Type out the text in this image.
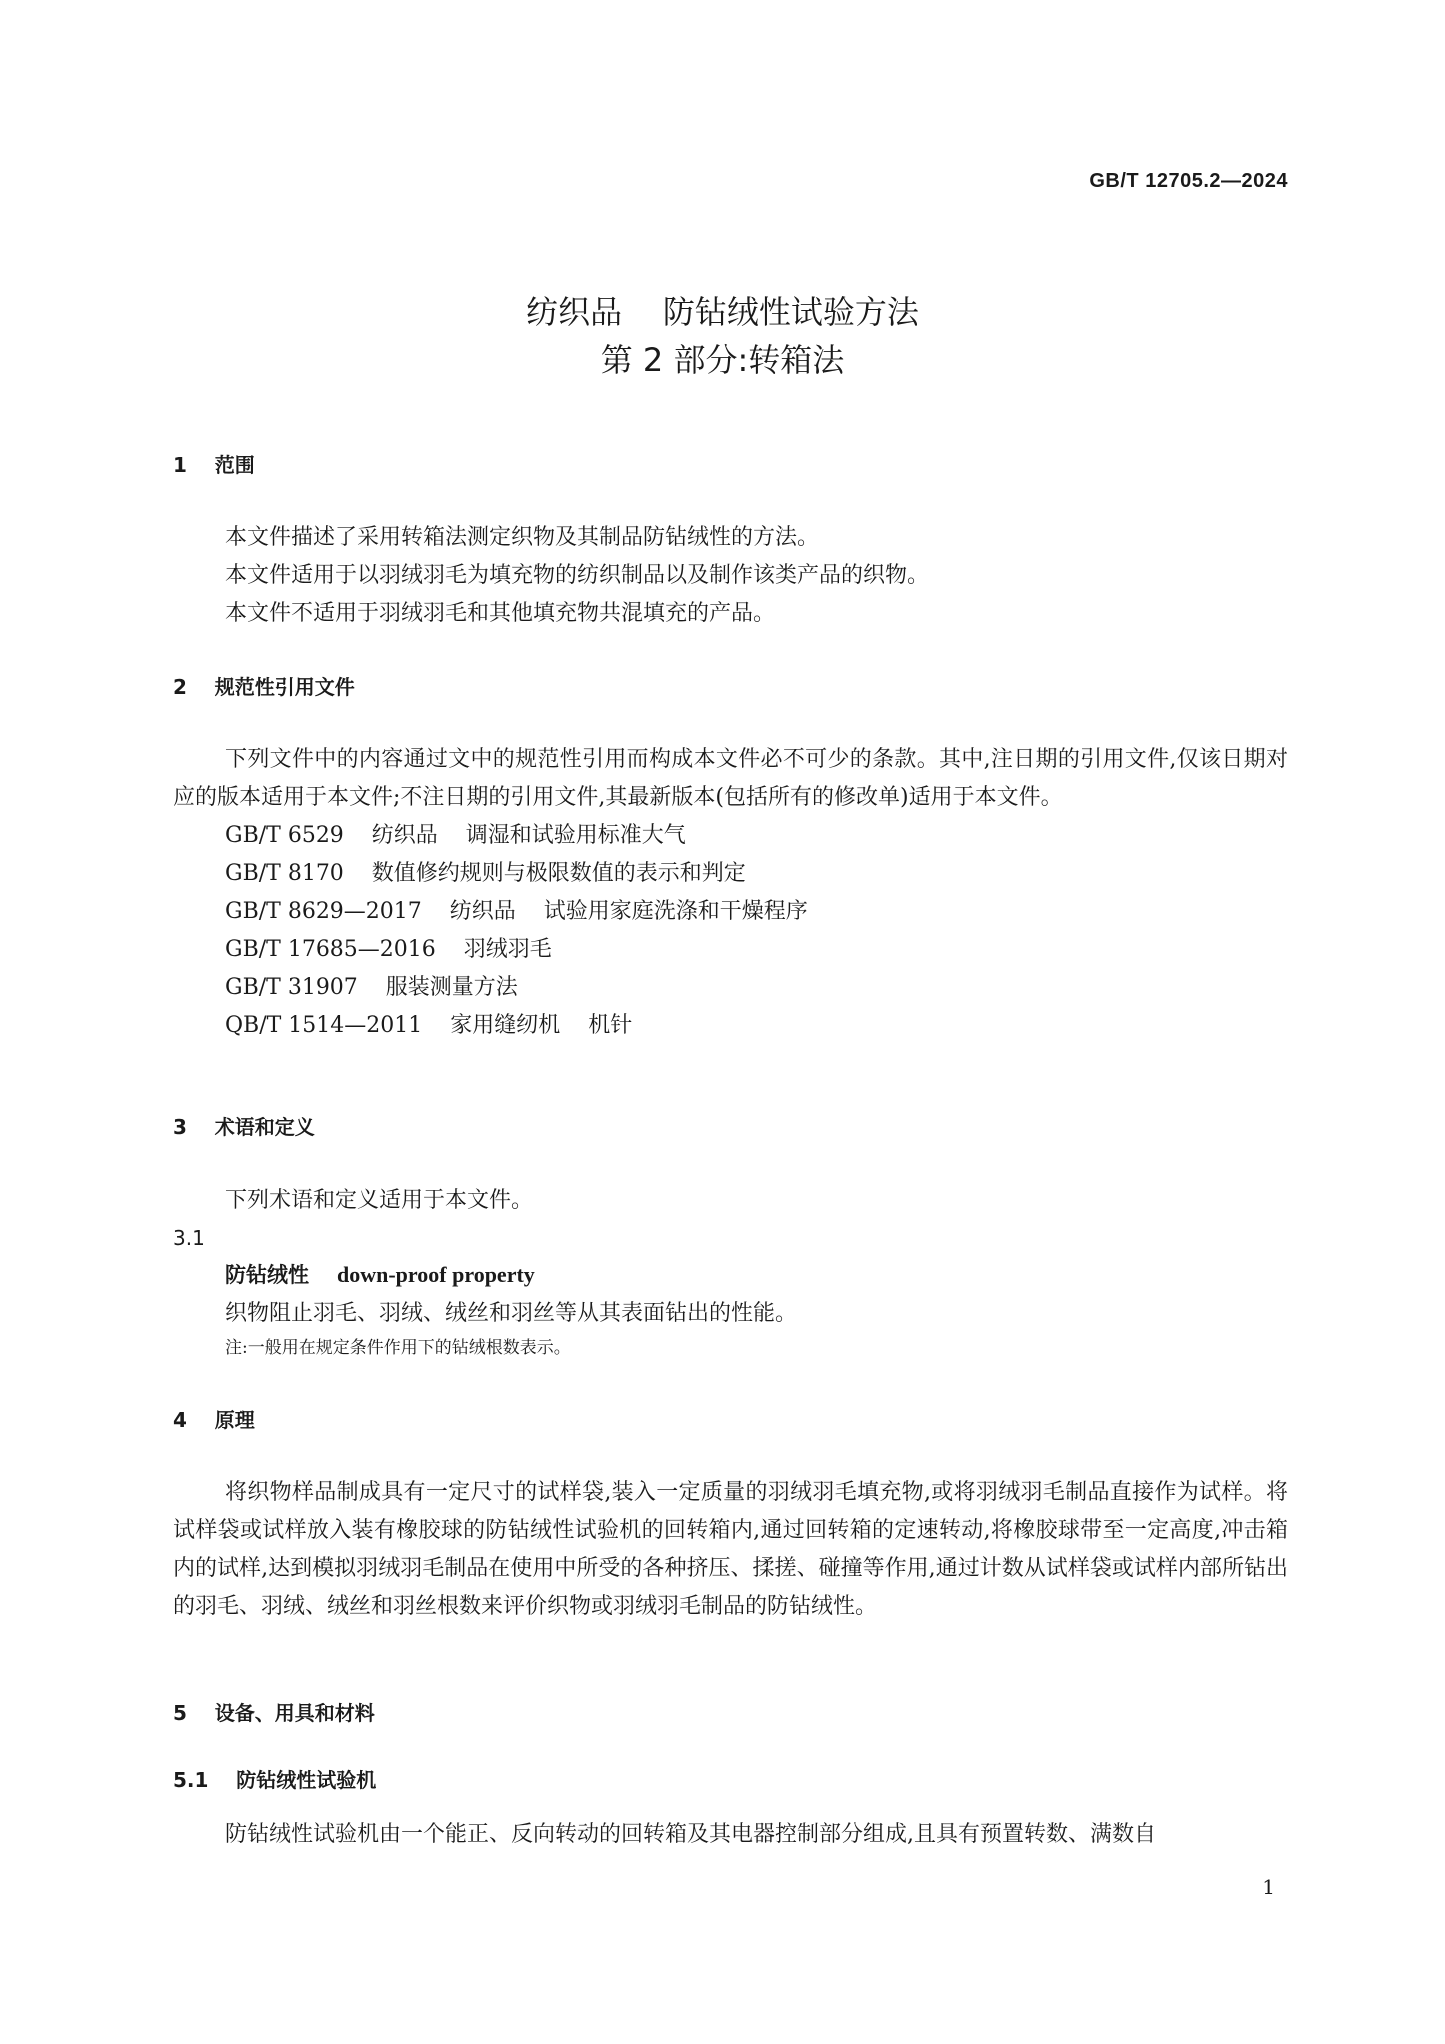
GB/T 12705.2—2024
纺织品    防钻绒性试验方法
第 2 部分:转箱法
1    范围
本文件描述了采用转箱法测定织物及其制品防钻绒性的方法。
本文件适用于以羽绒羽毛为填充物的纺织制品以及制作该类产品的织物。
本文件不适用于羽绒羽毛和其他填充物共混填充的产品。
2    规范性引用文件

下列文件中的内容通过文中的规范性引用而构成本文件必不可少的条款。其中,注日期的引用文件,仅该日期对应的版本适用于本文件;不注日期的引用文件,其最新版本(包括所有的修改单)适用于本文件。

GB/T 6529    纺织品    调湿和试验用标准大气
GB/T 8170    数值修约规则与极限数值的表示和判定
GB/T 8629—2017    纺织品    试验用家庭洗涤和干燥程序
GB/T 17685—2016    羽绒羽毛
GB/T 31907    服装测量方法
QB/T 1514—2011    家用缝纫机    机针
3    术语和定义
下列术语和定义适用于本文件。
3.1
防钻绒性 down-proof property
织物阻止羽毛、羽绒、绒丝和羽丝等从其表面钻出的性能。
注:一般用在规定条件作用下的钻绒根数表示。
4    原理

将织物样品制成具有一定尺寸的试样袋,装入一定质量的羽绒羽毛填充物,或将羽绒羽毛制品直接作为试样。将试样袋或试样放入装有橡胶球的防钻绒性试验机的回转箱内,通过回转箱的定速转动,将橡胶球带至一定高度,冲击箱内的试样,达到模拟羽绒羽毛制品在使用中所受的各种挤压、揉搓、碰撞等作用,通过计数从试样袋或试样内部所钻出的羽毛、羽绒、绒丝和羽丝根数来评价织物或羽绒羽毛制品的防钻绒性。

5    设备、用具和材料
5.1    防钻绒性试验机

防钻绒性试验机由一个能正、反向转动的回转箱及其电器控制部分组成,且具有预置转数、满数自

1
